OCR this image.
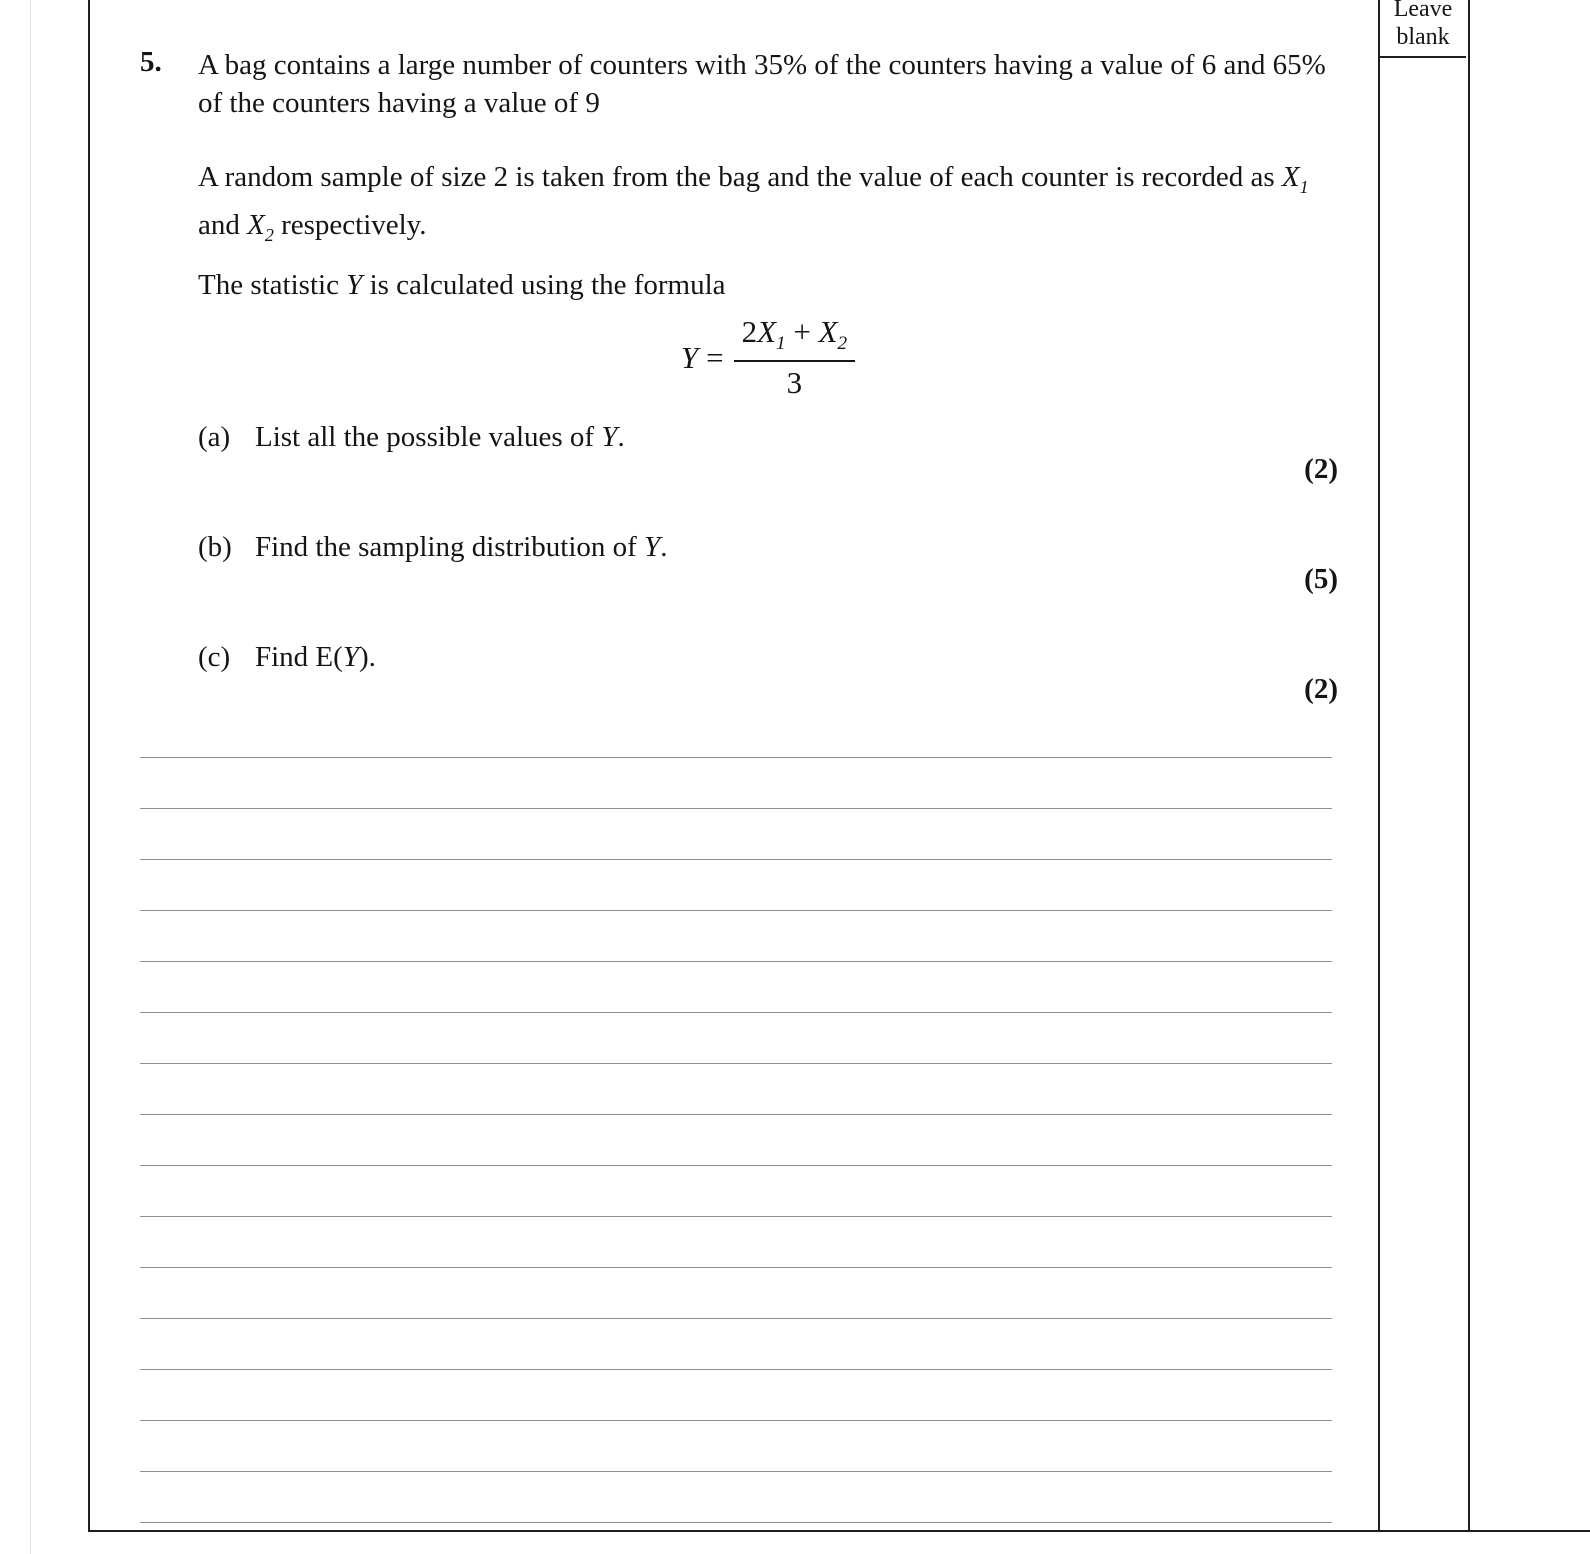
Leave
blank
5. A bag contains a large number of counters with 35% of the counters having a value of 6 and 65% of the counters having a value of 9
A random sample of size 2 is taken from the bag and the value of each counter is recorded as $X_1$ and $X_2$ respectively.
The statistic Y is calculated using the formula
$Y = \frac{2X_1 + X_2}{3}$
(a) List all the possible values of Y.
(2)
(b) Find the sampling distribution of Y.
(5)
(c) Find E(Y).
(2)
